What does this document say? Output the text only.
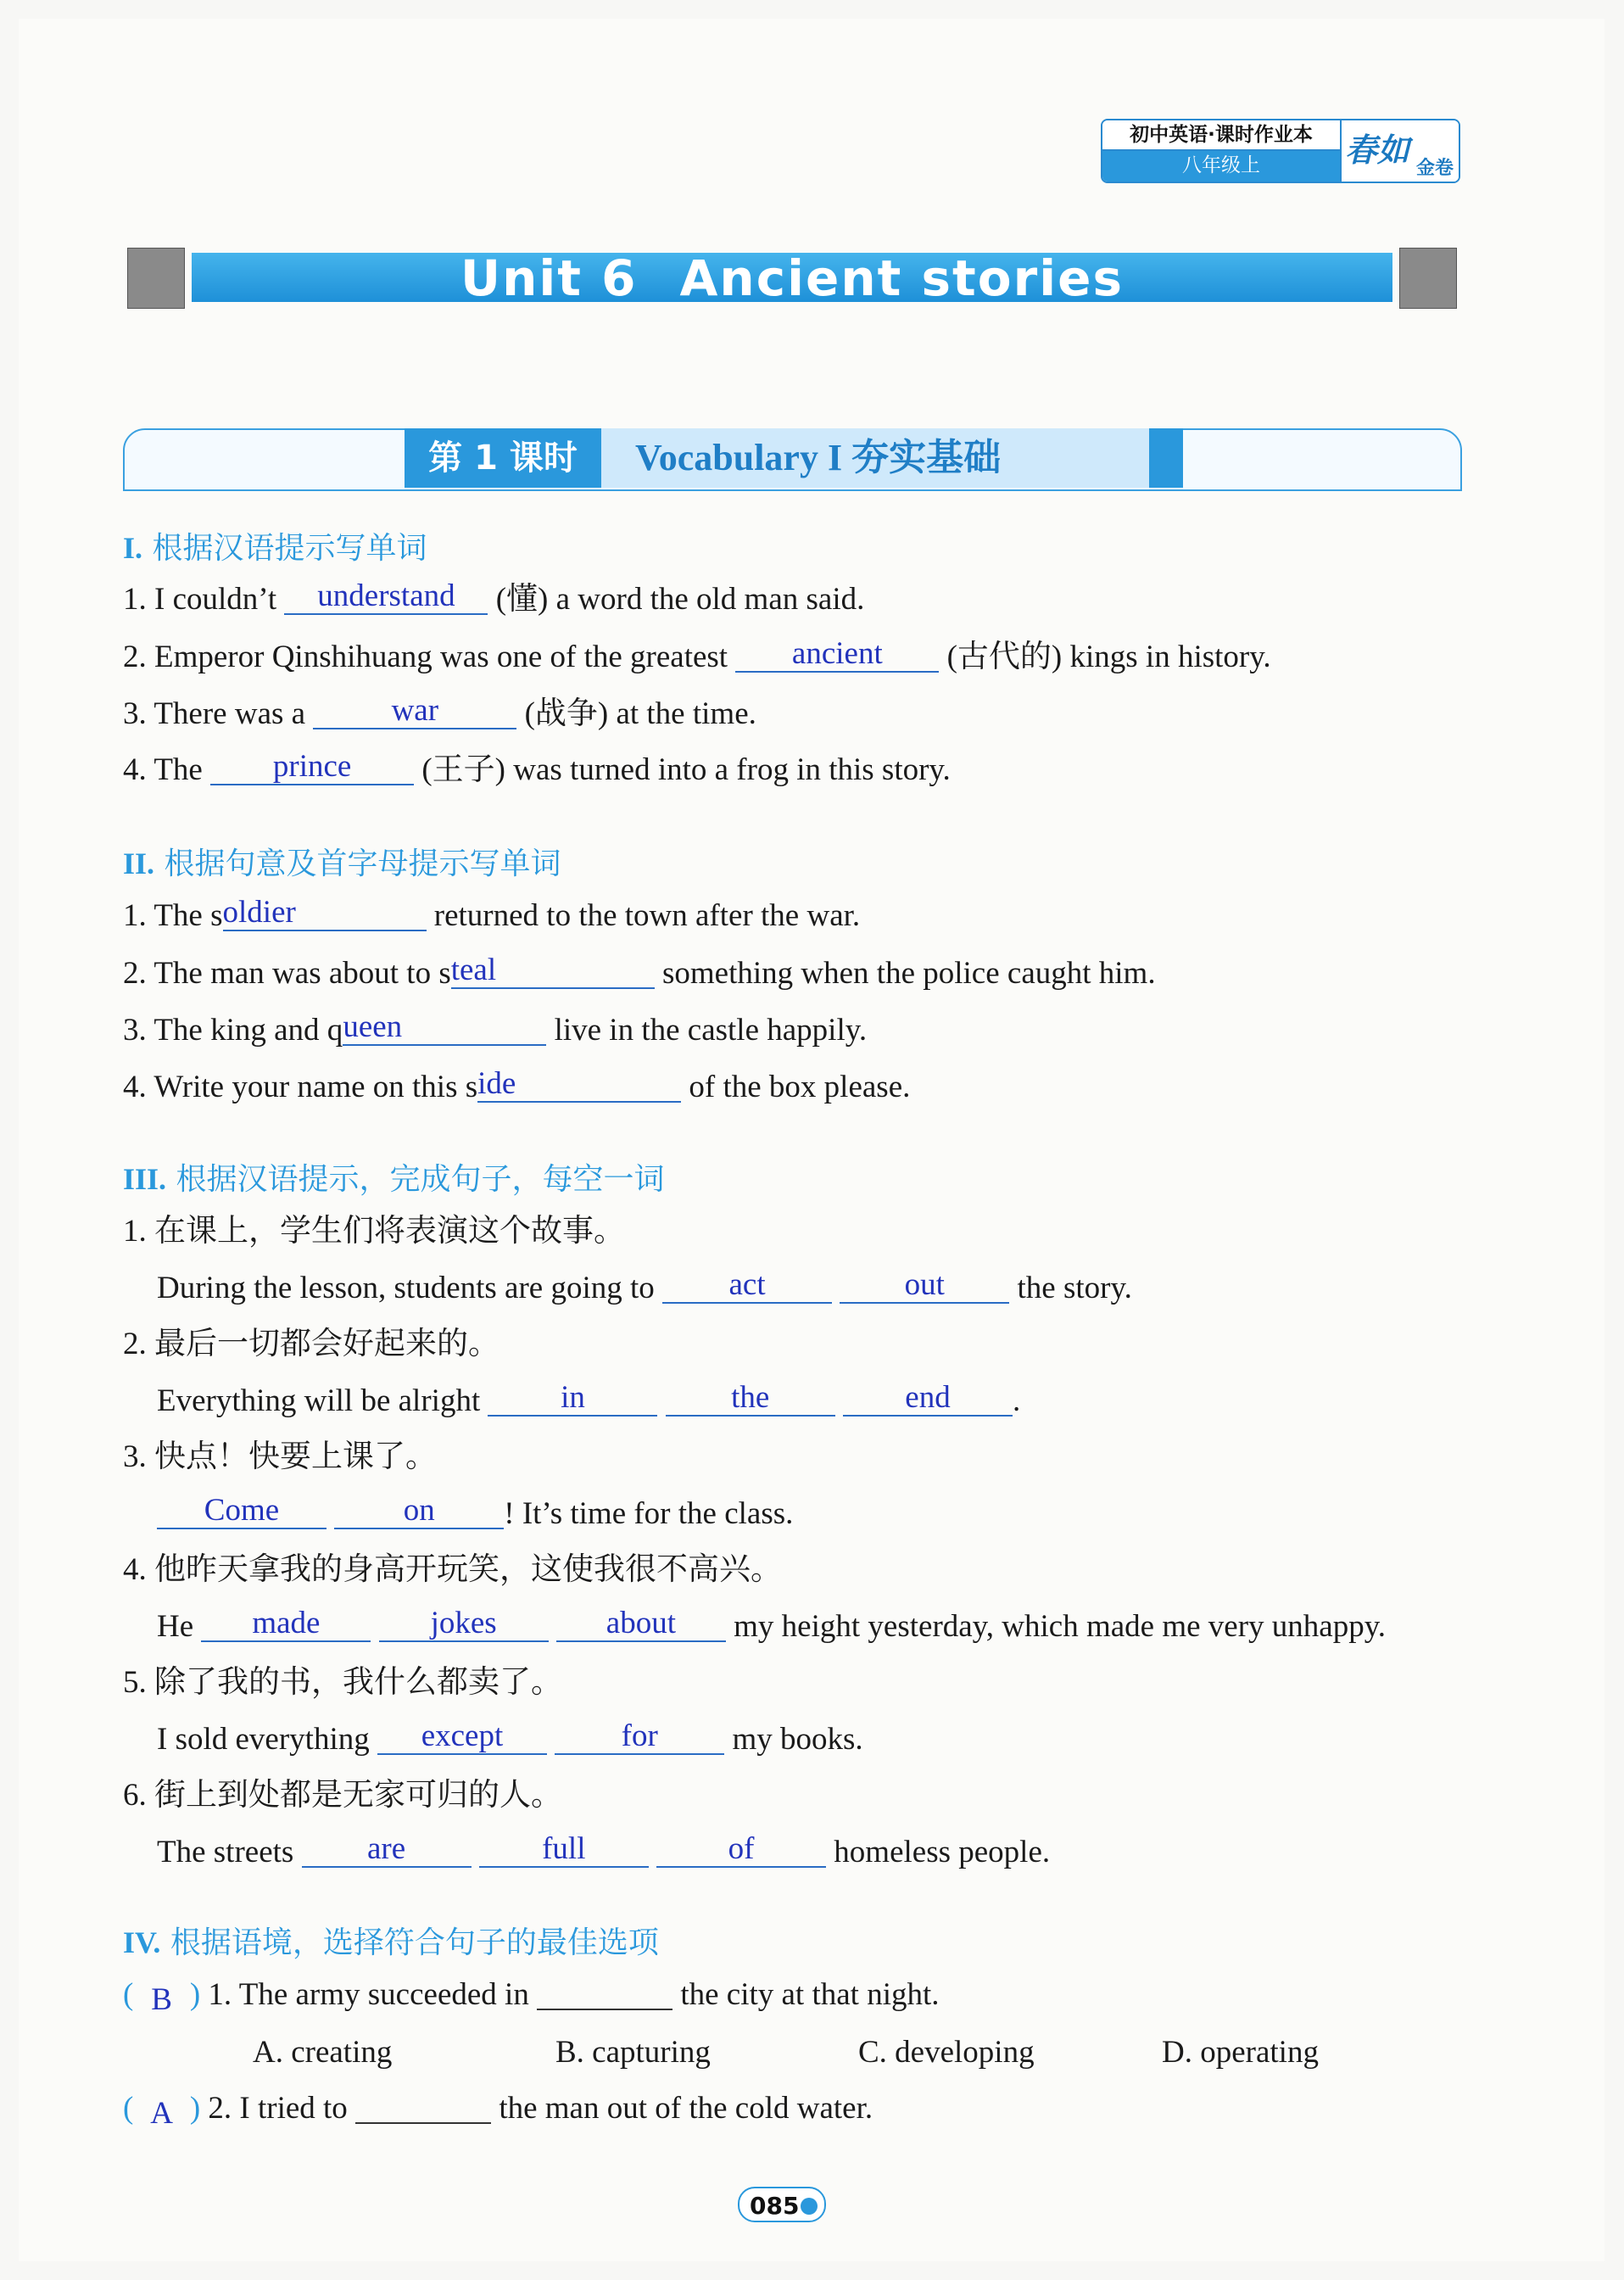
初中英语·课时作业本
八年级上	春如 金卷
Unit 6 Ancient stories
第 1 课时	Vocabulary I 夯实基础
I. 根据汉语提示写单词
1. I couldn’t understand (懂) a word the old man said.
2. Emperor Qinshihuang was one of the greatest ancient (古代的) kings in history.
3. There was a war (战争) at the time.
4. The prince (王子) was turned into a frog in this story.
II. 根据句意及首字母提示写单词
1. The soldier	returned to the town after the war.
2. The man was about to steal	something when the police caught him.
3. The king and queen	live in the castle happily.
4. Write your name on this side	of the box please.
III. 根据汉语提示，完成句子，每空一词
1. 在课上，学生们将表演这个故事。
During the lesson, students are going to act	out the story.
2. 最后一切都会好起来的。
Everything will be alright in	the	end .
3. 快点！快要上课了。
Come	on ! It’s time for the class.
4. 他昨天拿我的身高开玩笑，这使我很不高兴。
He made	jokes	about my height yesterday, which made me very unhappy.
5. 除了我的书，我什么都卖了。
I sold everything except	for my books.
6. 街上到处都是无家可归的人。
The streets are	full	of homeless people.
IV. 根据语境，选择符合句子的最佳选项
( B ) 1. The army succeeded in	the city at that night.
A. creating	B. capturing	C. developing	D. operating
( A ) 2. I tried to	the man out of the cold water.
085
